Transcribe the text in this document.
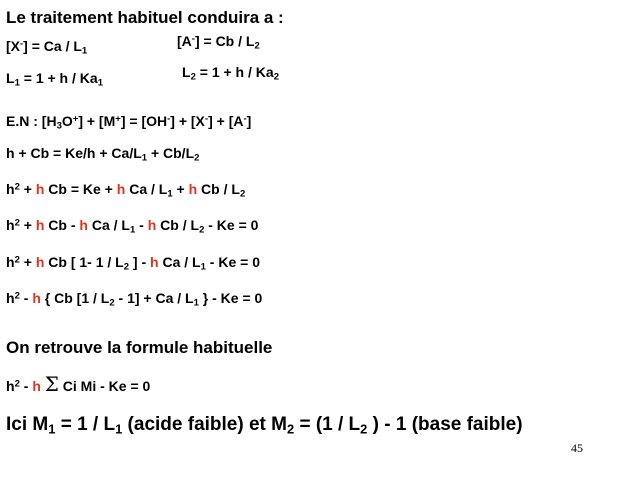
Le traitement habituel conduira a :
$[X^-] = Ca / L_1$
$[A^-] = Cb / L_2$
$L_1 = 1 + h / Ka_1$
$L_2 = 1 + h / Ka_2$
E.N : $[H_3O^+] + [M^+] = [OH^-] + [X^-] + [A^-]$
$h + Cb = Ke/h + Ca/L_1 + Cb/L_2$
$h^2 + h$ Cb = Ke + h $Ca / L_1 + h$ Cb / $L_2$
$h^2 + h$ Cb - h Ca / $L_1$ - h $Cb / L_2 - Ke = 0$
$h^2 + h$ Cb [ 1- $1 / L_2$ ] - h $Ca / L_1 - Ke = 0$
$h^2$ - h { Cb $[1 / L_2 - 1] + Ca / L_1$ } - Ke = 0
On retrouve la formule habituelle
$h^2$ - h Σ Ci Mi - Ke = 0
Ici $M_1 = 1 / L_1$ (acide faible) et $M_2 = (1 / L_2$ ) - 1 (base faible)
45
